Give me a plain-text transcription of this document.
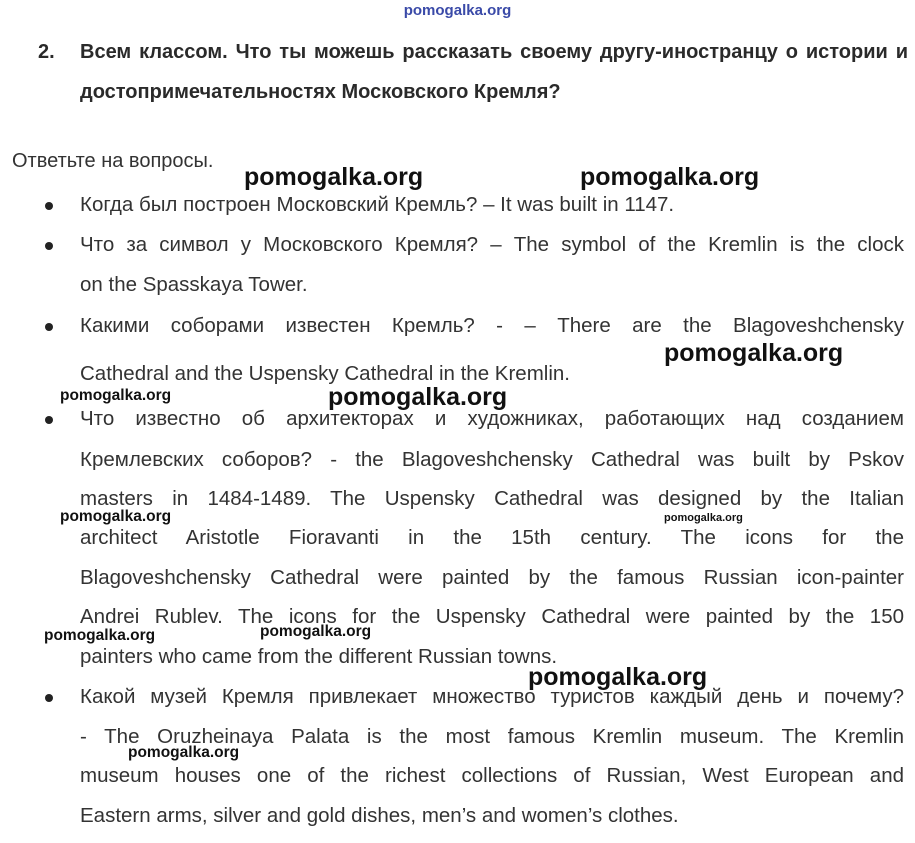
pomogalka.org
2. Всем классом. Что ты можешь рассказать своему другу-иностранцу о истории и достопримечательностях Московского Кремля?
Ответьте на вопросы.
Когда был построен Московский Кремль? – It was built in 1147.
Что за символ у Московского Кремля? – The symbol of the Kremlin is the clock
on the Spasskaya Tower.
Какими соборами известен Кремль? - – There are the Blagoveshchensky
Cathedral and the Uspensky Cathedral in the Kremlin.
Что известно об архитекторах и художниках, работающих над созданием
Кремлевских соборов? - the Blagoveshchensky Cathedral was built by Pskov
masters in 1484-1489. The Uspensky Cathedral was designed by the Italian
architect Aristotle Fioravanti in the 15th century. The icons for the
Blagoveshchensky Cathedral were painted by the famous Russian icon-painter
Andrei Rublev. The icons for the Uspensky Cathedral were painted by the 150
painters who came from the different Russian towns.
Какой музей Кремля привлекает множество туристов каждый день и почему?
- The Oruzheinaya Palata is the most famous Kremlin museum. The Kremlin
museum houses one of the richest collections of Russian, West European and
Eastern arms, silver and gold dishes, men’s and women’s clothes.
pomogalka.org	pomogalka.org
pomogalka.org
pomogalka.org
pomogalka.org
pomogalka.org	pomogalka.org
pomogalka.org	pomogalka.org
pomogalka.org
pomogalka.org
